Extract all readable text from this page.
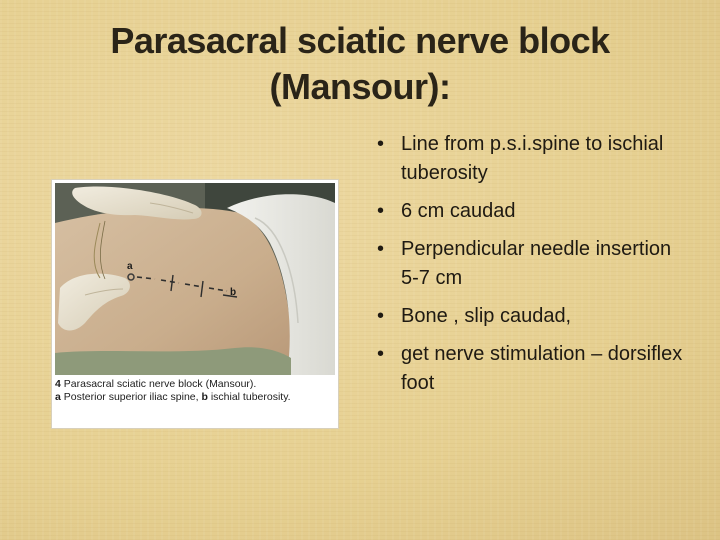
Parasacral sciatic nerve block
(Mansour):
a
b
4 Parasacral sciatic nerve block (Mansour).
a Posterior superior iliac spine, b ischial tuberosity.
• Line from p.s.i.spine to ischial tuberosity
• 6 cm caudad
• Perpendicular needle insertion 5-7 cm
• Bone , slip caudad,
• get nerve stimulation – dorsiflex foot
